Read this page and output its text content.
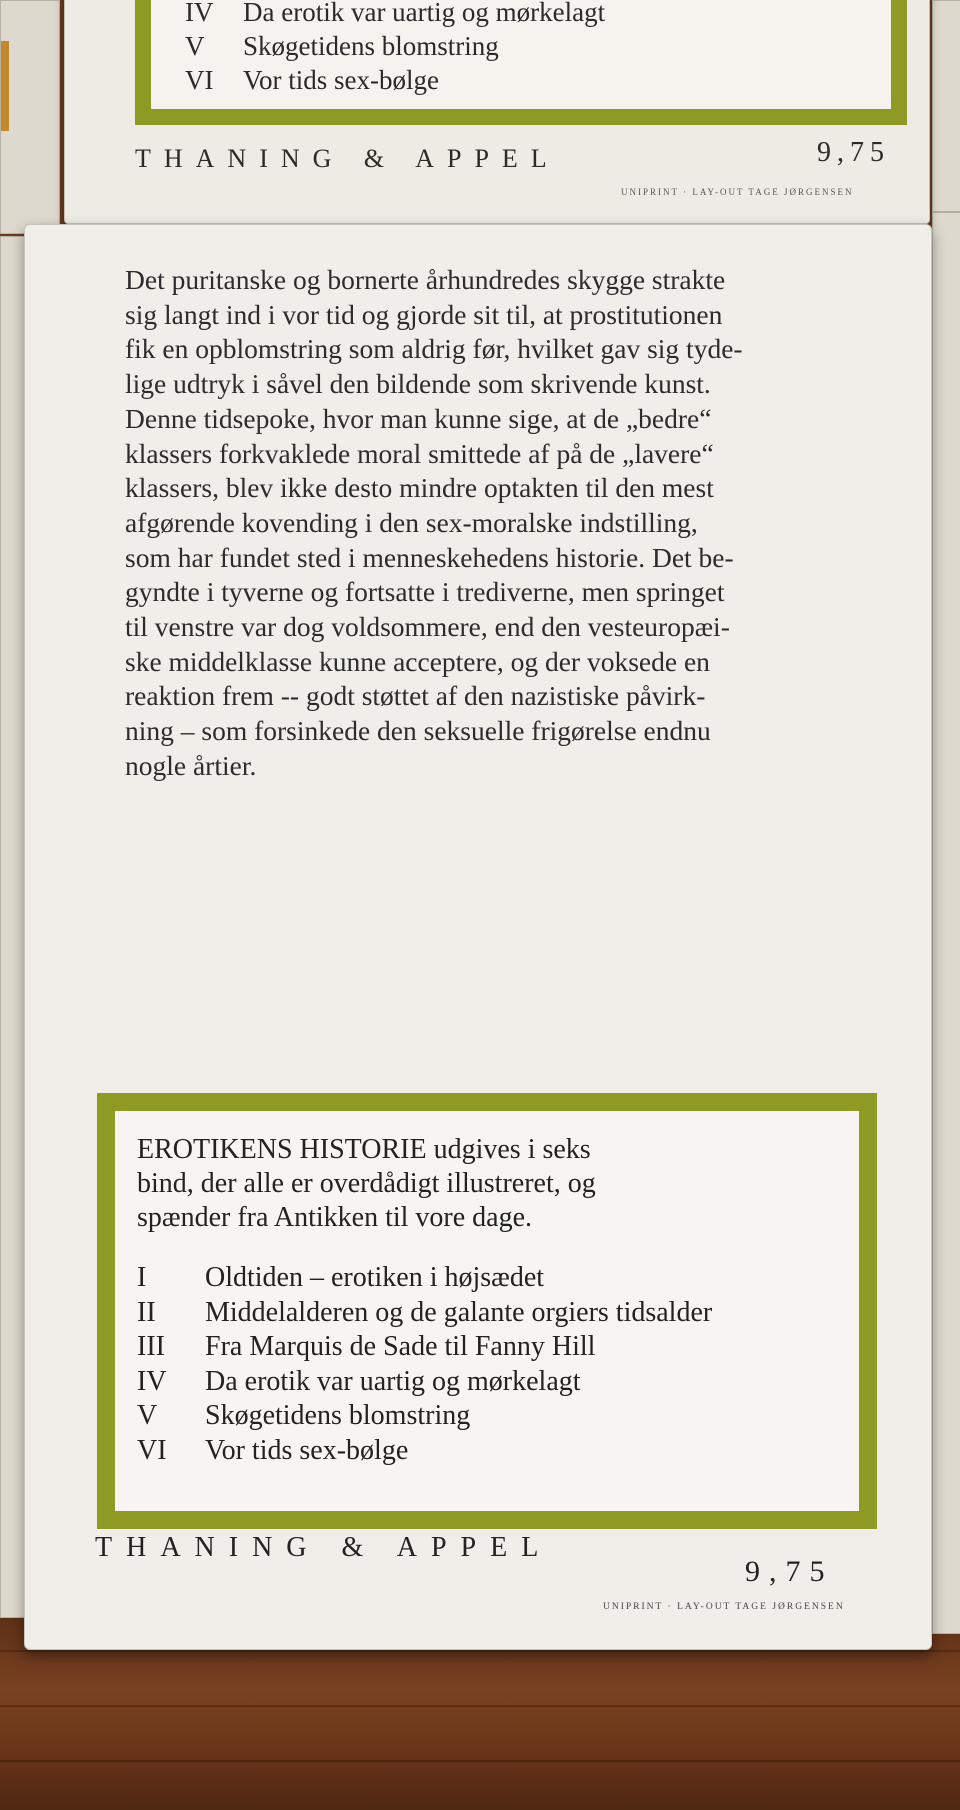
IV Da erotik var uartig og mørkelagt
V Skøgetidens blomstring
VI Vor tids sex-bølge
THANING & APPEL	9,75
UNIPRINT · LAY-OUT TAGE JØRGENSEN

Det puritanske og bornerte århundredes skygge strakte
sig langt ind i vor tid og gjorde sit til, at prostitutionen
fik en opblomstring som aldrig før, hvilket gav sig tyde-
lige udtryk i såvel den bildende som skrivende kunst.
Denne tidsepoke, hvor man kunne sige, at de „bedre“
klassers forkvaklede moral smittede af på de „lavere“
klassers, blev ikke desto mindre optakten til den mest
afgørende kovending i den sex-moralske indstilling,
som har fundet sted i menneskehedens historie. Det be-
gyndte i tyverne og fortsatte i trediverne, men springet
til venstre var dog voldsommere, end den vesteuropæi-
ske middelklasse kunne acceptere, og der voksede en
reaktion frem -- godt støttet af den nazistiske påvirk-
ning – som forsinkede den seksuelle frigørelse endnu
nogle årtier.

EROTIKENS HISTORIE udgives i seks
bind, der alle er overdådigt illustreret, og
spænder fra Antikken til vore dage.

I Oldtiden – erotiken i højsædet
II Middelalderen og de galante orgiers tidsalder
III Fra Marquis de Sade til Fanny Hill
IV Da erotik var uartig og mørkelagt
V Skøgetidens blomstring
VI Vor tids sex-bølge
THANING & APPEL
9,75
UNIPRINT · LAY-OUT TAGE JØRGENSEN
